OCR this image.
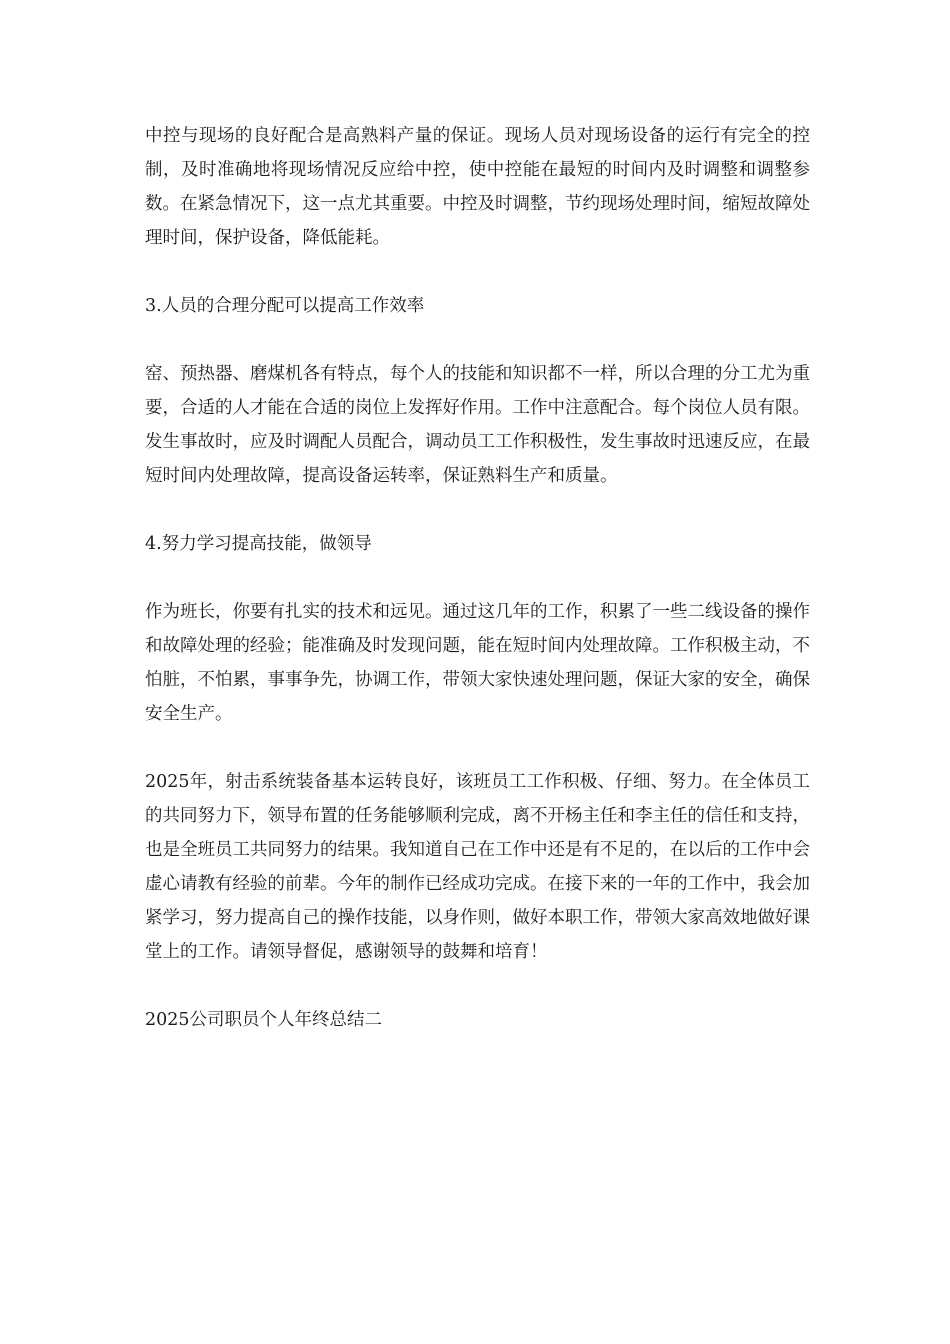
中控与现场的良好配合是高熟料产量的保证。现场人员对现场设备的运行有完全的控制，及时准确地将现场情况反应给中控，使中控能在最短的时间内及时调整和调整参数。在紧急情况下，这一点尤其重要。中控及时调整，节约现场处理时间，缩短故障处理时间，保护设备，降低能耗。

3.人员的合理分配可以提高工作效率

窑、预热器、磨煤机各有特点，每个人的技能和知识都不一样，所以合理的分工尤为重要，合适的人才能在合适的岗位上发挥好作用。工作中注意配合。每个岗位人员有限。发生事故时，应及时调配人员配合，调动员工工作积极性，发生事故时迅速反应，在最短时间内处理故障，提高设备运转率，保证熟料生产和质量。

4.努力学习提高技能，做领导

作为班长，你要有扎实的技术和远见。通过这几年的工作，积累了一些二线设备的操作和故障处理的经验；能准确及时发现问题，能在短时间内处理故障。工作积极主动，不怕脏，不怕累，事事争先，协调工作，带领大家快速处理问题，保证大家的安全，确保安全生产。

2025年，射击系统装备基本运转良好，该班员工工作积极、仔细、努力。在全体员工的共同努力下，领导布置的任务能够顺利完成，离不开杨主任和李主任的信任和支持，也是全班员工共同努力的结果。我知道自己在工作中还是有不足的，在以后的工作中会虚心请教有经验的前辈。今年的制作已经成功完成。在接下来的一年的工作中，我会加紧学习，努力提高自己的操作技能，以身作则，做好本职工作，带领大家高效地做好课堂上的工作。请领导督促，感谢领导的鼓舞和培育！

2025公司职员个人年终总结二
